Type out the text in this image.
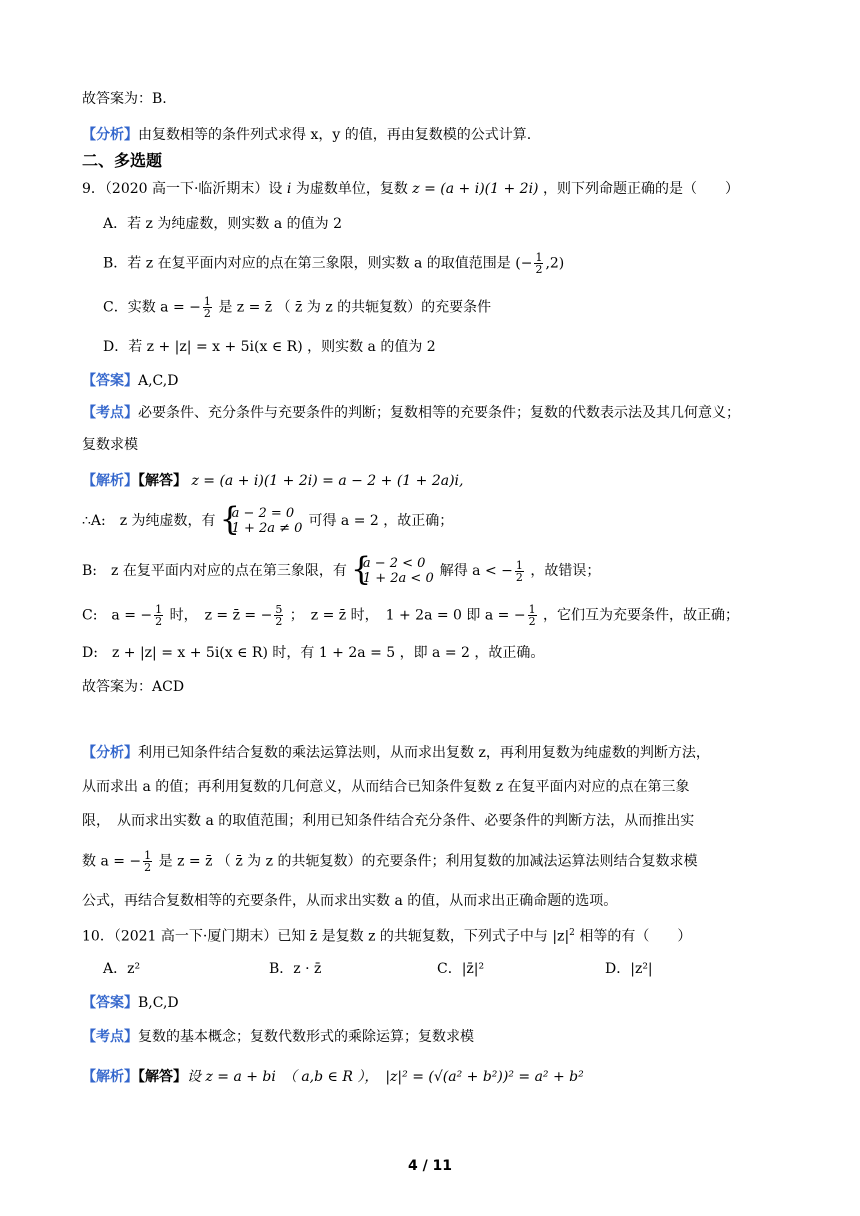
故答案为：B.
【分析】由复数相等的条件列式求得 x，y 的值，再由复数模的公式计算.
二、多选题
9．（2020 高一下·临沂期末）设 i 为虚数单位，复数 z = (a + i)(1 + 2i) ，则下列命题正确的是（　　）
A．若 z 为纯虚数，则实数 a 的值为 2
B．若 z 在复平面内对应的点在第三象限，则实数 a 的取值范围是 (− $\frac{1}{2} ,2$)
C．实数 a = − $\frac{1}{2}$ 是 z = z̄ （ z̄ 为 z 的共轭复数）的充要条件
D．若 z + |z| = x + 5i(x ∈ R) ，则实数 a 的值为 2
【答案】A,C,D
【考点】必要条件、充分条件与充要条件的判断；复数相等的充要条件；复数的代数表示法及其几何意义；
复数求模
【解析】【解答】 z = (a + i)(1 + 2i) = a − 2 + (1 + 2a)i,
∴A:　z 为纯虚数，有 { a − 2 = 0
1 + 2a ≠ 0 可得 a = 2 ，故正确；
B:　z 在复平面内对应的点在第三象限，有 { a − 2 < 0
1 + 2a < 0 解得 a < − $\frac{1}{2}$ ，故错误；
C:　a = − $\frac{1}{2}$ 时，　z = z̄ = − $\frac{5}{2}$ ；　z = z̄ 时，　1 + 2a = 0 即 a = − $\frac{1}{2}$ ，它们互为充要条件，故正确；
D:　z + |z| = x + 5i(x ∈ R) 时，有 1 + 2a = 5 ，即 a = 2 ，故正确。
故答案为：ACD
【分析】利用已知条件结合复数的乘法运算法则，从而求出复数 z，再利用复数为纯虚数的判断方法，
从而求出 a 的值；再利用复数的几何意义，从而结合已知条件复数 z 在复平面内对应的点在第三象
限，　从而求出实数 a 的取值范围；利用已知条件结合充分条件、必要条件的判断方法，从而推出实
数 a = − $\frac{1}{2}$ 是 z = z̄ （ z̄ 为 z 的共轭复数）的充要条件；利用复数的加减法运算法则结合复数求模
公式，再结合复数相等的充要条件，从而求出实数 a 的值，从而求出正确命题的选项。
10．（2021 高一下·厦门期末）已知 z̄ 是复数 z 的共轭复数，下列式子中与 $|z|^2$ 相等的有（　　）
A．z²	B．z · z̄	C．|z̄|²	D．|z²|
【答案】B,C,D
【考点】复数的基本概念；复数代数形式的乘除运算；复数求模
【解析】【解答】设 z = a + bi　（ a,b ∈ R ），　|z|² = (√(a² + b²))² = a² + b²
4 / 11
